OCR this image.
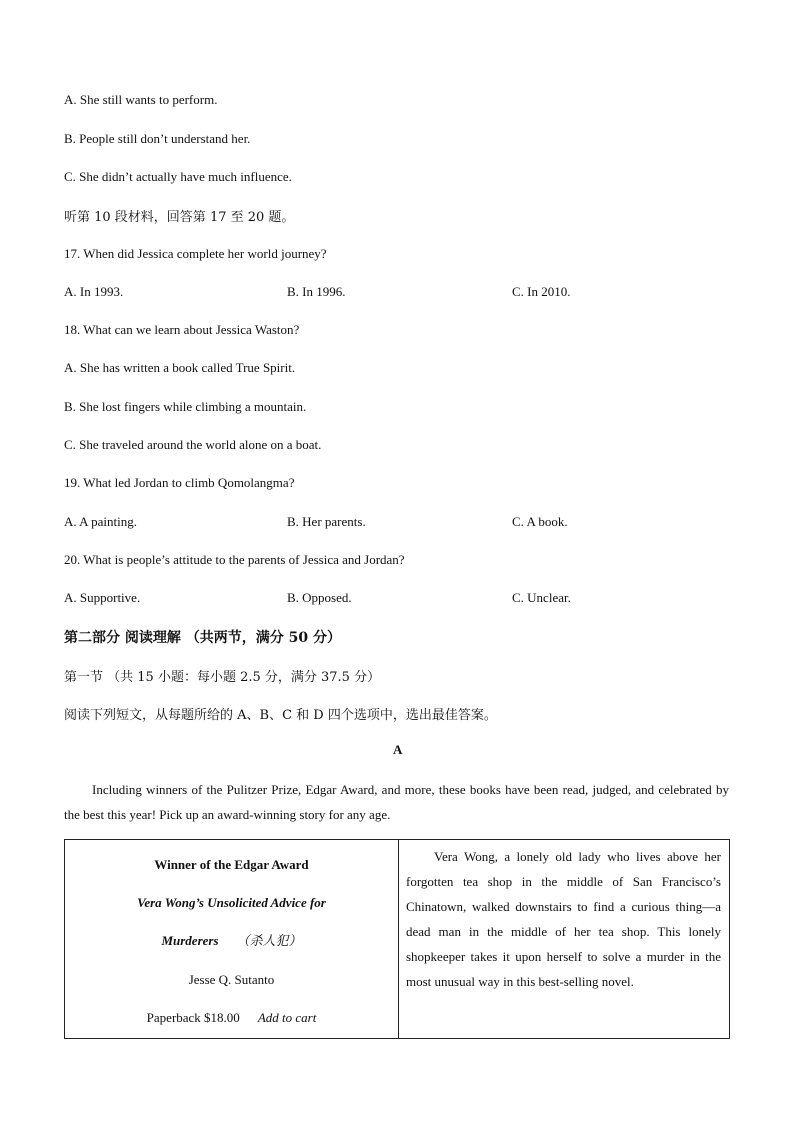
A. She still wants to perform.
B. People still don’t understand her.
C. She didn’t actually have much influence.
听第 10 段材料，回答第 17 至 20 题。
17. When did Jessica complete her world journey?
A. In 1993.	B. In 1996.	C. In 2010.
18. What can we learn about Jessica Waston?
A. She has written a book called True Spirit.
B. She lost fingers while climbing a mountain.
C. She traveled around the world alone on a boat.
19. What led Jordan to climb Qomolangma?
A. A painting.	B. Her parents.	C. A book.
20. What is people’s attitude to the parents of Jessica and Jordan?
A. Supportive.	B. Opposed.	C. Unclear.
第二部分 阅读理解 （共两节，满分 50 分）
第一节 （共 15 小题：每小题 2.5 分，满分 37.5 分）
阅读下列短文，从每题所给的 A、B、C 和 D 四个选项中，选出最佳答案。
A
Including winners of the Pulitzer Prize, Edgar Award, and more, these books have been read, judged, and celebrated by the best this year! Pick up an award-winning story for any age.
Winner of the Edgar Award
Vera Wong’s Unsolicited Advice for
Murderers （杀人犯）
Jesse Q. Sutanto
Paperback $18.00 Add to cart

Vera Wong, a lonely old lady who lives above her forgotten tea shop in the middle of San Francisco’s Chinatown, walked downstairs to find a curious thing—a dead man in the middle of her tea shop. This lonely shopkeeper takes it upon herself to solve a murder in the most unusual way in this best-selling novel.
